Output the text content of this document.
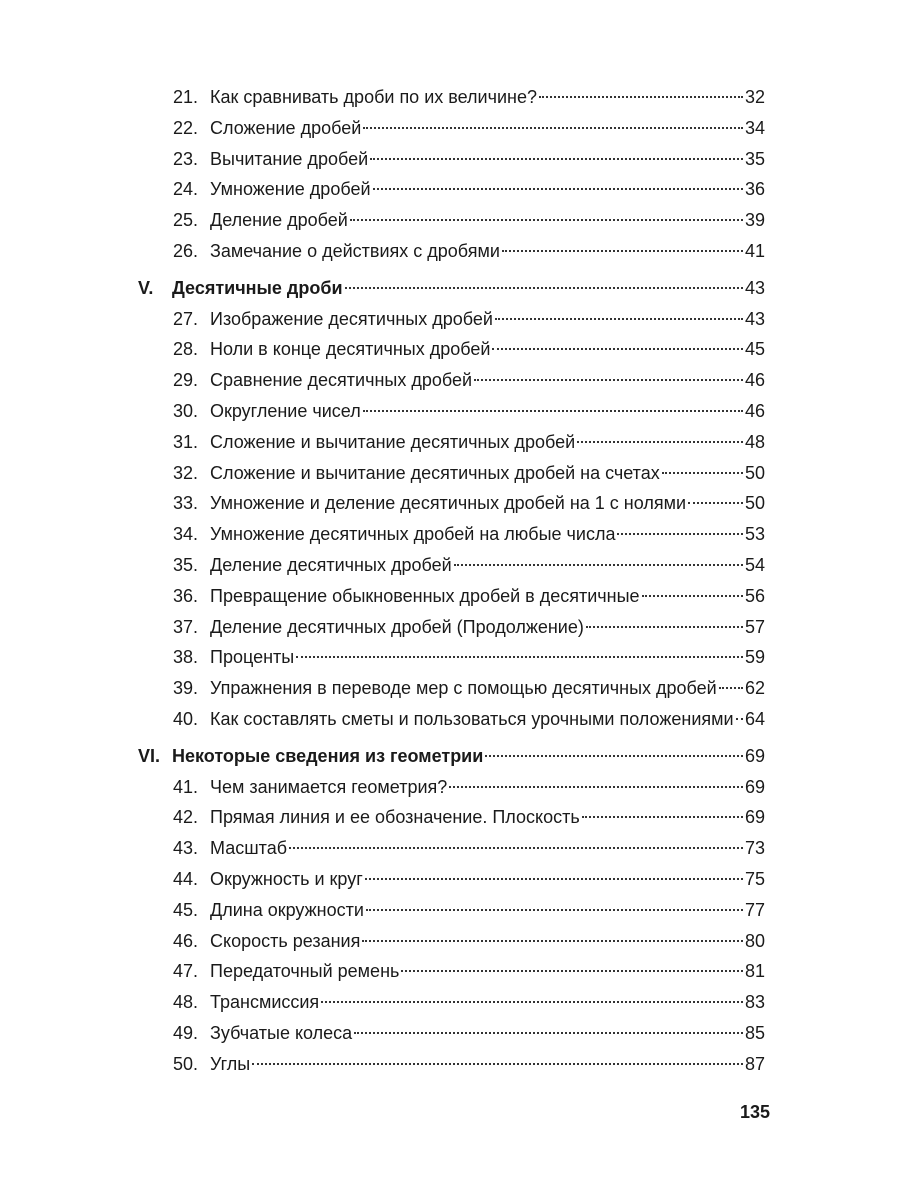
21. Как сравнивать дроби по их величине?	32
22. Сложение дробей	34
23. Вычитание дробей	35
24. Умножение дробей	36
25. Деление дробей	39
26. Замечание о действиях с дробями	41
V.	Десятичные дроби	43
27. Изображение десятичных дробей	43
28. Ноли в конце десятичных дробей	45
29. Сравнение десятичных дробей	46
30. Округление чисел	46
31. Сложение и вычитание десятичных дробей	48
32. Сложение и вычитание десятичных дробей на счетах	50
33. Умножение и деление десятичных дробей на 1 с нолями	50
34. Умножение десятичных дробей на любые числа	53
35. Деление десятичных дробей	54
36. Превращение обыкновенных дробей в десятичные	56
37. Деление десятичных дробей (Продолжение)	57
38. Проценты	59
39. Упражнения в переводе мер с помощью десятичных дробей 62
40. Как составлять сметы и пользоваться урочными положениями 64
VI. Некоторые сведения из геометрии	69
41. Чем занимается геометрия?	69
42. Прямая линия и ее обозначение. Плоскость	69
43. Масштаб	73
44. Окружность и круг	75
45. Длина окружности	77
46. Скорость резания	80
47. Передаточный ремень	81
48. Трансмиссия	83
49. Зубчатые колеса	85
50. Углы	87
135
